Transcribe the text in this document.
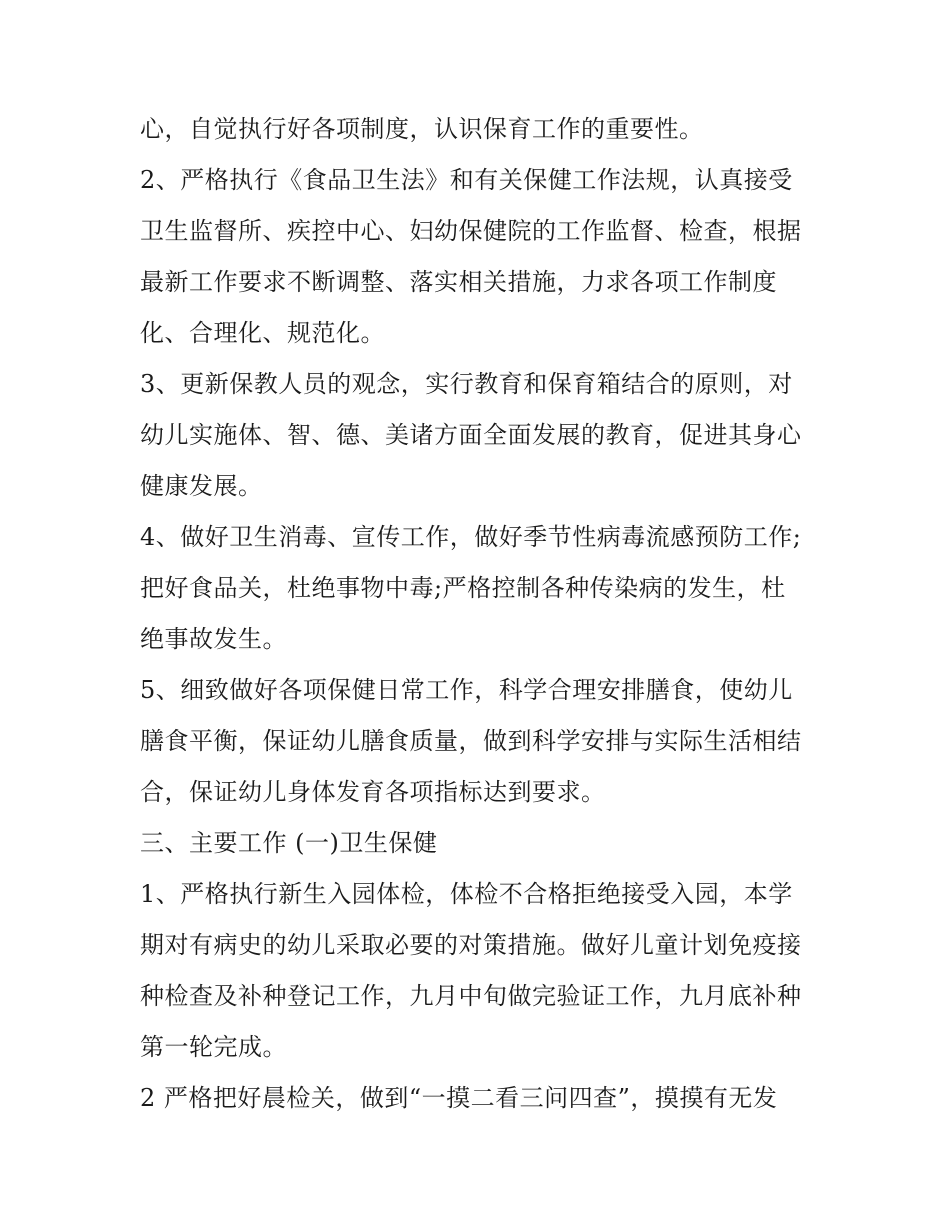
心，自觉执行好各项制度，认识保育工作的重要性。
2、严格执行《食品卫生法》和有关保健工作法规，认真接受
卫生监督所、疾控中心、妇幼保健院的工作监督、检查，根据
最新工作要求不断调整、落实相关措施，力求各项工作制度
化、合理化、规范化。
3、更新保教人员的观念，实行教育和保育箱结合的原则，对
幼儿实施体、智、德、美诸方面全面发展的教育，促进其身心
健康发展。
4、做好卫生消毒、宣传工作，做好季节性病毒流感预防工作;
把好食品关，杜绝事物中毒;严格控制各种传染病的发生，杜
绝事故发生。
5、细致做好各项保健日常工作，科学合理安排膳食，使幼儿
膳食平衡，保证幼儿膳食质量，做到科学安排与实际生活相结
合，保证幼儿身体发育各项指标达到要求。
三、主要工作 (一)卫生保健
1、严格执行新生入园体检，体检不合格拒绝接受入园，本学
期对有病史的幼儿采取必要的对策措施。做好儿童计划免疫接
种检查及补种登记工作，九月中旬做完验证工作，九月底补种
第一轮完成。
2 严格把好晨检关，做到“一摸二看三问四查”，摸摸有无发
